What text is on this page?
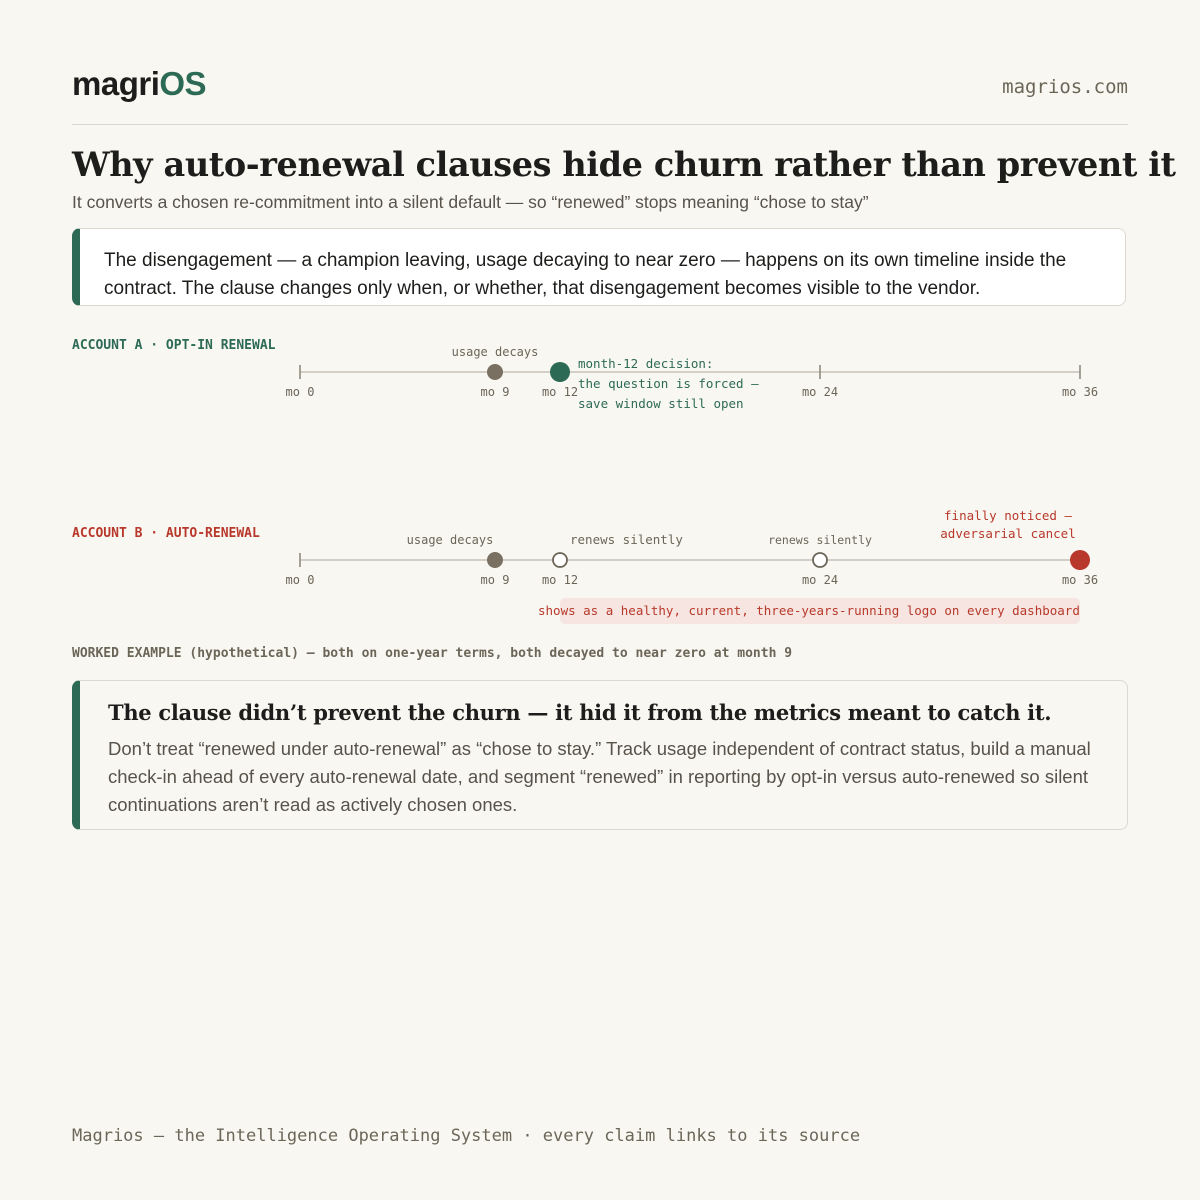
magriOS	magrios.com
Why auto-renewal clauses hide churn rather than prevent it
It converts a chosen re-commitment into a silent default — so “renewed” stops meaning “chose to stay”
The disengagement — a champion leaving, usage decaying to near zero — happens on its own timeline inside the contract. The clause changes only when, or whether, that disengagement becomes visible to the vendor.
ACCOUNT A · OPT-IN RENEWAL
mo 0	mo 9	mo 12	mo 24	mo 36
usage decays
month-12 decision:
the question is forced —
save window still open
ACCOUNT B · AUTO-RENEWAL
mo 0	mo 9	mo 12	mo 24	mo 36
usage decays	renews silently	renews silently
finally noticed —
adversarial cancel
shows as a healthy, current, three-years-running logo on every dashboard
WORKED EXAMPLE (hypothetical) — both on one-year terms, both decayed to near zero at month 9
The clause didn’t prevent the churn — it hid it from the metrics meant to catch it.
Don’t treat “renewed under auto-renewal” as “chose to stay.” Track usage independent of contract status, build a manual check-in ahead of every auto-renewal date, and segment “renewed” in reporting by opt-in versus auto-renewed so silent continuations aren’t read as actively chosen ones.
Magrios — the Intelligence Operating System · every claim links to its source
